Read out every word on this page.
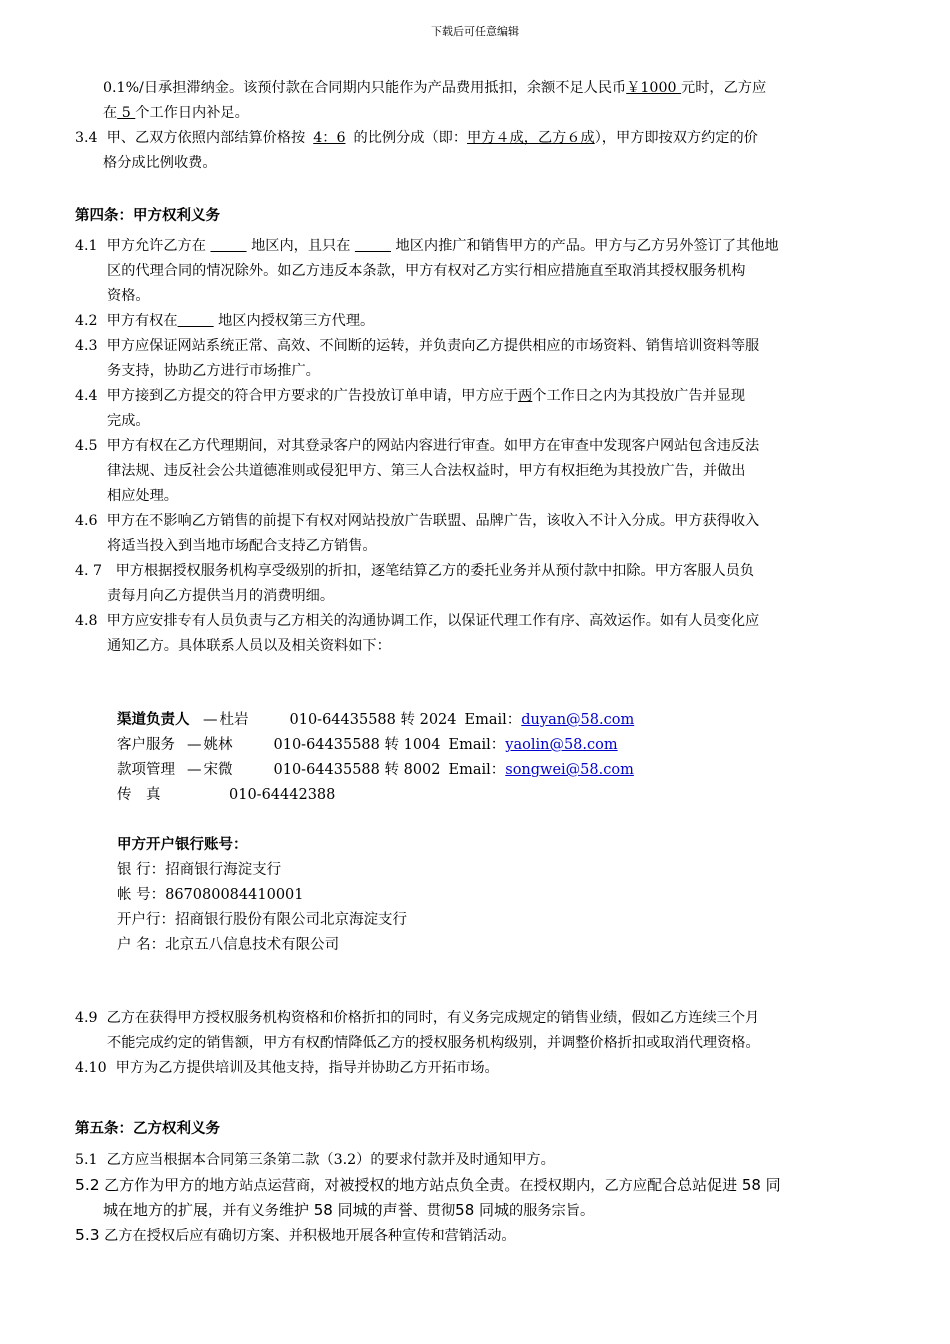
下载后可任意编辑
0.1%/日承担滞纳金。该预付款在合同期内只能作为产品费用抵扣，余额不足人民币￥1000 元时，乙方应
在 5 个工作日内补足。
3.4 甲、乙双方依照内部结算价格按 4：6 的比例分成（即：甲方４成，乙方６成），甲方即按双方约定的价
格分成比例收费。
第四条：甲方权利义务
4.1 甲方允许乙方在	地区内，且只在	地区内推广和销售甲方的产品。甲方与乙方另外签订了其他地
区的代理合同的情况除外。如乙方违反本条款，甲方有权对乙方实行相应措施直至取消其授权服务机构
资格。
4.2 甲方有权在	地区内授权第三方代理。
4.3 甲方应保证网站系统正常、高效、不间断的运转，并负责向乙方提供相应的市场资料、销售培训资料等服
务支持，协助乙方进行市场推广。
4.4 甲方接到乙方提交的符合甲方要求的广告投放订单申请，甲方应于两个工作日之内为其投放广告并显现
完成。
4.5 甲方有权在乙方代理期间，对其登录客户的网站内容进行审查。如甲方在审查中发现客户网站包含违反法
律法规、违反社会公共道德准则或侵犯甲方、第三人合法权益时，甲方有权拒绝为其投放广告，并做出
相应处理。
4.6 甲方在不影响乙方销售的前提下有权对网站投放广告联盟、品牌广告，该收入不计入分成。甲方获得收入
将适当投入到当地市场配合支持乙方销售。
4. 7 甲方根据授权服务机构享受级别的折扣，逐笔结算乙方的委托业务并从预付款中扣除。甲方客服人员负
责每月向乙方提供当月的消费明细。
4.8 甲方应安排专有人员负责与乙方相关的沟通协调工作，以保证代理工作有序、高效运作。如有人员变化应
通知乙方。具体联系人员以及相关资料如下：
渠道负责人—杜岩	010-64435588 转 2024 Email：duyan@58.com
客户服务—姚林	010-64435588 转 1004 Email：yaolin@58.com
款项管理—宋微	010-64435588 转 8002 Email：songwei@58.com
传　真	010-64442388
甲方开户银行账号：
银 行：招商银行海淀支行
帐 号：867080084410001
开户行：招商银行股份有限公司北京海淀支行
户 名：北京五八信息技术有限公司
4.9 乙方在获得甲方授权服务机构资格和价格折扣的同时，有义务完成规定的销售业绩，假如乙方连续三个月
不能完成约定的销售额，甲方有权酌情降低乙方的授权服务机构级别，并调整价格折扣或取消代理资格。
4.10 甲方为乙方提供培训及其他支持，指导并协助乙方开拓市场。
第五条：乙方权利义务
5.1 乙方应当根据本合同第三条第二款（3.2）的要求付款并及时通知甲方。
5.2 乙方作为甲方的地方站点运营商，对被授权的地方站点负全责。在授权期内，乙方应配合总站促进 58 同
城在地方的扩展，并有义务维护 58 同城的声誉、贯彻58 同城的服务宗旨。
5.3 乙方在授权后应有确切方案、并积极地开展各种宣传和营销活动。
